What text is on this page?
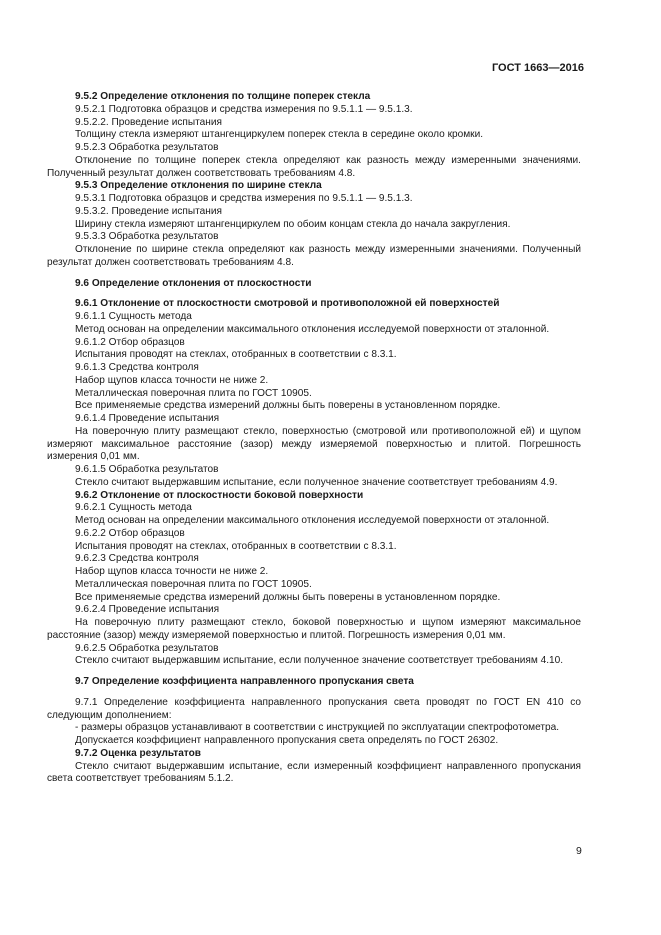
ГОСТ 1663—2016

9.5.2 Определение отклонения по толщине поперек стекла

9.5.2.1 Подготовка образцов и средства измерения по 9.5.1.1 — 9.5.1.3.

9.5.2.2. Проведение испытания

Толщину стекла измеряют штангенциркулем поперек стекла в середине около кромки.

9.5.2.3 Обработка результатов

Отклонение по толщине поперек стекла определяют как разность между измеренными значениями. Полученный результат должен соответствовать требованиям 4.8.

9.5.3 Определение отклонения по ширине стекла

9.5.3.1 Подготовка образцов и средства измерения по 9.5.1.1 — 9.5.1.3.

9.5.3.2. Проведение испытания

Ширину стекла измеряют штангенциркулем по обоим концам стекла до начала закругления.

9.5.3.3 Обработка результатов

Отклонение по ширине стекла определяют как разность между измеренными значениями. Полученный результат должен соответствовать требованиям 4.8.

9.6 Определение отклонения от плоскостности

9.6.1 Отклонение от плоскостности смотровой и противоположной ей поверхностей

9.6.1.1 Сущность метода

Метод основан на определении максимального отклонения исследуемой поверхности от эталонной.

9.6.1.2 Отбор образцов

Испытания проводят на стеклах, отобранных в соответствии с 8.3.1.

9.6.1.3 Средства контроля

Набор щупов класса точности не ниже 2.

Металлическая поверочная плита по ГОСТ 10905.

Все применяемые средства измерений должны быть поверены в установленном порядке.

9.6.1.4 Проведение испытания

На поверочную плиту размещают стекло, поверхностью (смотровой или противоположной ей) и щупом измеряют максимальное расстояние (зазор) между измеряемой поверхностью и плитой. Погрешность измерения 0,01 мм.

9.6.1.5 Обработка результатов

Стекло считают выдержавшим испытание, если полученное значение соответствует требованиям 4.9.

9.6.2 Отклонение от плоскостности боковой поверхности

9.6.2.1 Сущность метода

Метод основан на определении максимального отклонения исследуемой поверхности от эталонной.

9.6.2.2 Отбор образцов

Испытания проводят на стеклах, отобранных в соответствии с 8.3.1.

9.6.2.3 Средства контроля

Набор щупов класса точности не ниже 2.

Металлическая поверочная плита по ГОСТ 10905.

Все применяемые средства измерений должны быть поверены в установленном порядке.

9.6.2.4 Проведение испытания

На поверочную плиту размещают стекло, боковой поверхностью и щупом измеряют максимальное расстояние (зазор) между измеряемой поверхностью и плитой. Погрешность измерения 0,01 мм.

9.6.2.5 Обработка результатов

Стекло считают выдержавшим испытание, если полученное значение соответствует требованиям 4.10.

9.7 Определение коэффициента направленного пропускания света

9.7.1 Определение коэффициента направленного пропускания света проводят по ГОСТ EN 410 со следующим дополнением:

- размеры образцов устанавливают в соответствии с инструкцией по эксплуатации спектрофотометра.

Допускается коэффициент направленного пропускания света определять по ГОСТ 26302.

9.7.2 Оценка результатов

Стекло считают выдержавшим испытание, если измеренный коэффициент направленного пропускания света соответствует требованиям 5.1.2.

9
